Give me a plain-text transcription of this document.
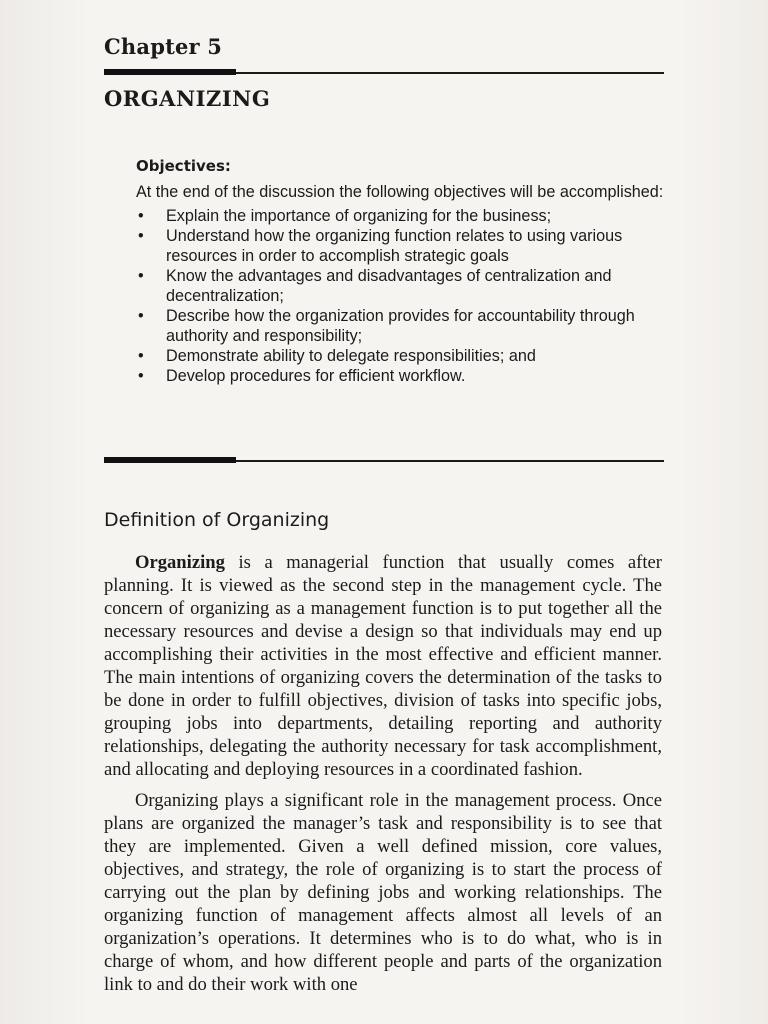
Chapter 5
ORGANIZING
Objectives:

At the end of the discussion the following objectives will be accomplished:

• Explain the importance of organizing for the business;
• Understand how the organizing function relates to using various resources in order to accomplish strategic goals
• Know the advantages and disadvantages of centralization and decentralization;
• Describe how the organization provides for accountability through authority and responsibility;
• Demonstrate ability to delegate responsibilities; and
• Develop procedures for efficient workflow.
Definition of Organizing

Organizing is a managerial function that usually comes after planning. It is viewed as the second step in the management cycle. The concern of organizing as a management function is to put together all the necessary resources and devise a design so that individuals may end up accomplishing their activities in the most effective and efficient manner. The main intentions of organizing covers the determination of the tasks to be done in order to fulfill objectives, division of tasks into specific jobs, grouping jobs into departments, detailing reporting and authority relationships, delegating the authority necessary for task accomplishment, and allocating and deploying resources in a coordinated fashion.

Organizing plays a significant role in the management process. Once plans are organized the manager’s task and responsibility is to see that they are implemented. Given a well defined mission, core values, objectives, and strategy, the role of organizing is to start the process of carrying out the plan by defining jobs and working relationships. The organizing function of management affects almost all levels of an organization’s operations. It determines who is to do what, who is in charge of whom, and how different people and parts of the organization link to and do their work with one
